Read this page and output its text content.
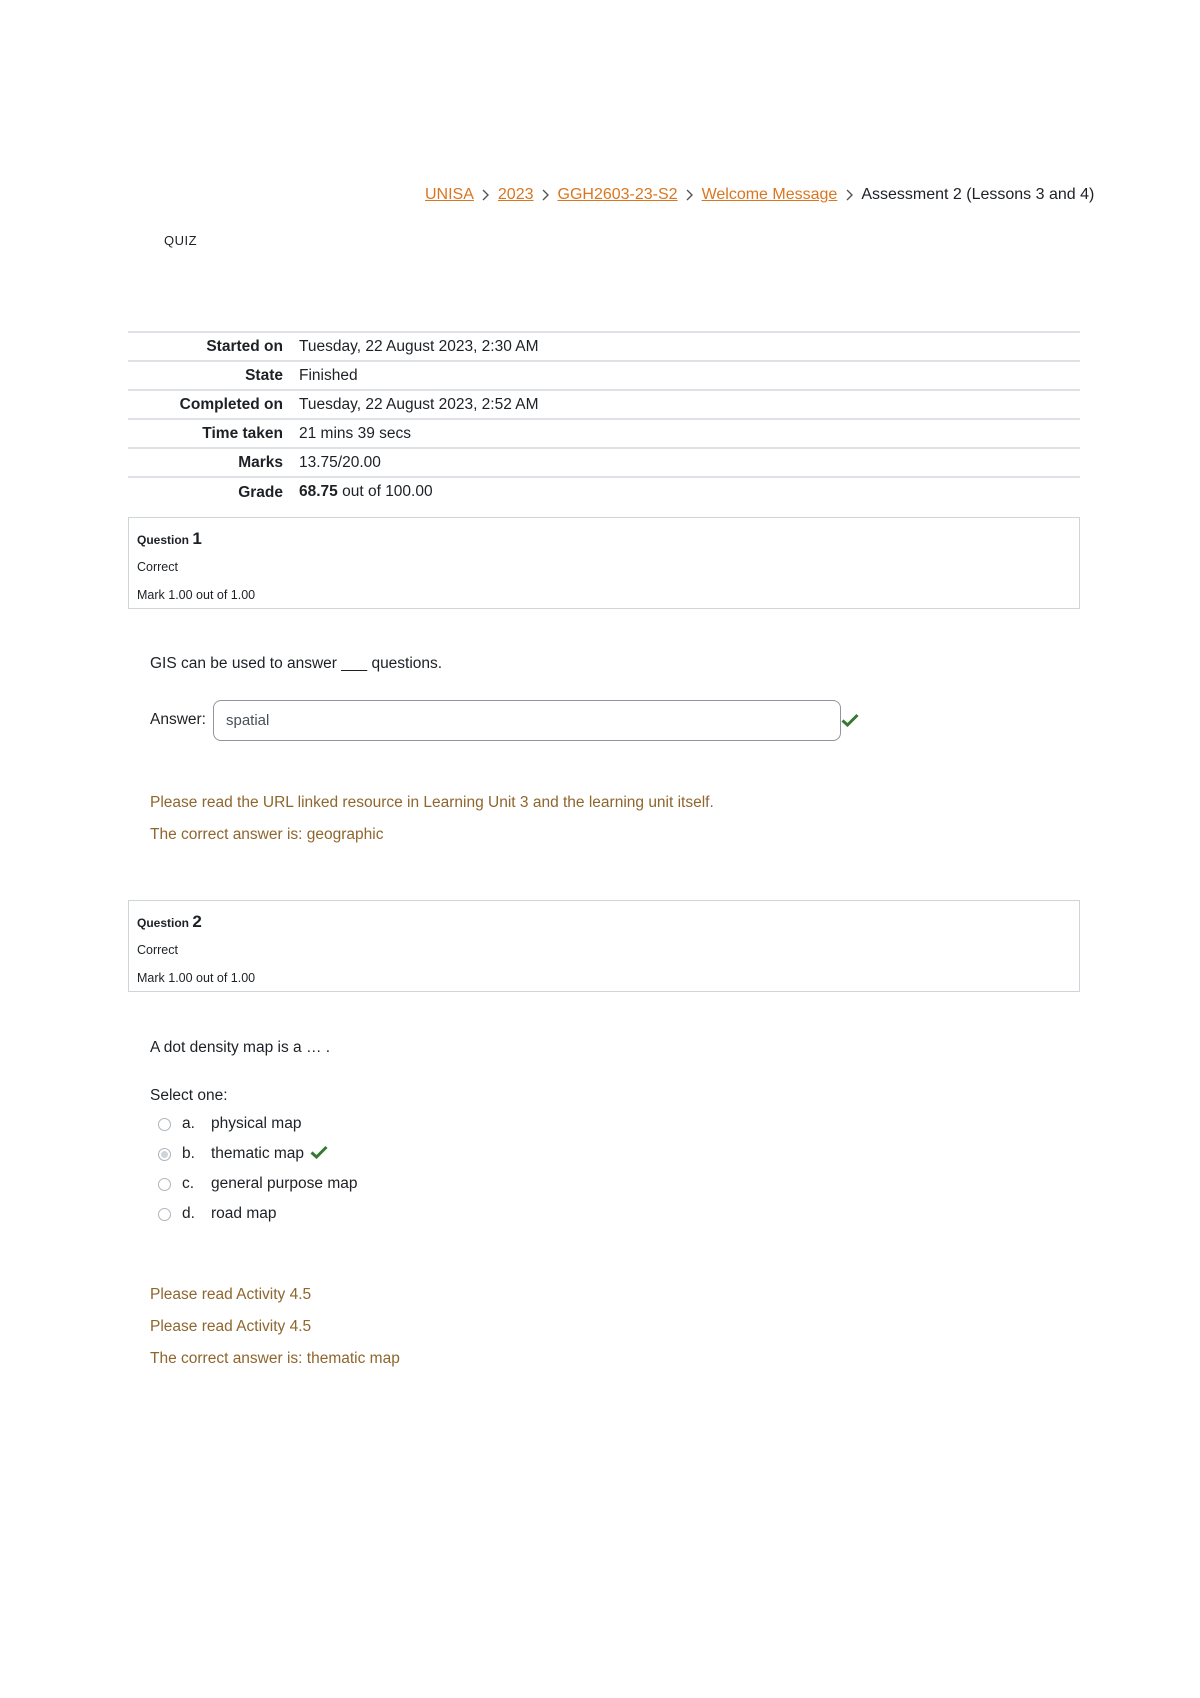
UNISA 2023 GGH2603-23-S2 Welcome Message Assessment 2 (Lessons 3 and 4)
QUIZ
Started on	Tuesday, 22 August 2023, 2:30 AM
State	Finished
Completed on	Tuesday, 22 August 2023, 2:52 AM
Time taken	21 mins 39 secs
Marks	13.75/20.00
Grade	68.75 out of 100.00
Question 1
Correct
Mark 1.00 out of 1.00
GIS can be used to answer ___ questions.
Answer:
spatial
Please read the URL linked resource in Learning Unit 3 and the learning unit itself.
The correct answer is: geographic
Question 2
Correct
Mark 1.00 out of 1.00
A dot density map is a … .
Select one:
a.	physical map
b.	thematic map
c.	general purpose map
d.	road map
Please read Activity 4.5
Please read Activity 4.5
The correct answer is: thematic map
